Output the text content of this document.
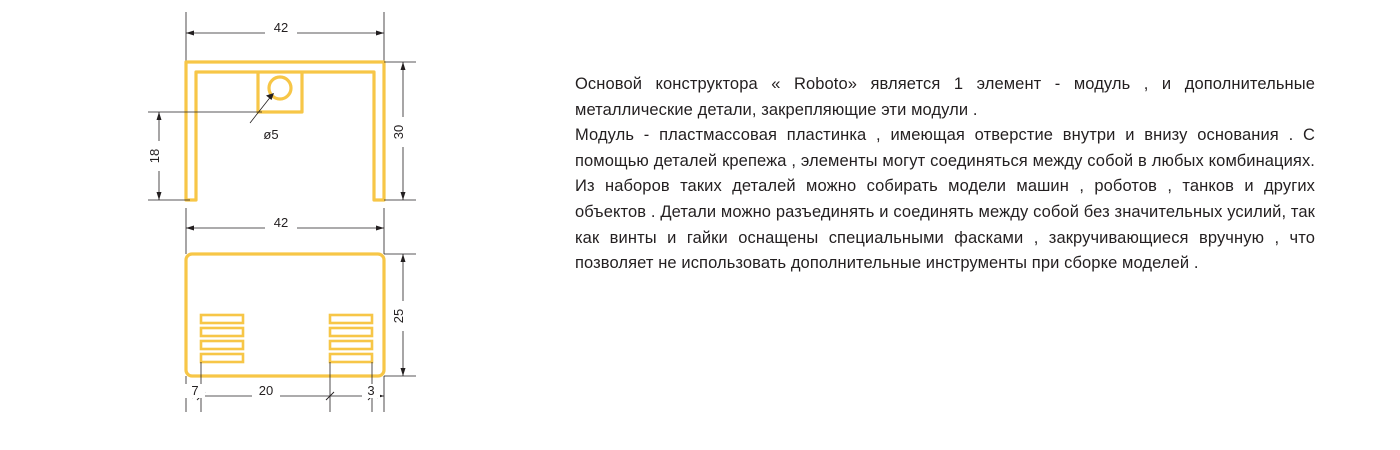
42
ø5	30
18
42
25
7	20	3

Основой конструктора « Roboto» является 1 элемент - модуль , и дополнительные металлические детали, закрепляющие эти модули .

Модуль - пластмассовая пластинка , имеющая отверстие внутри и внизу основания . С помощью деталей крепежа , элементы могут соединяться между собой в любых комбинациях. Из наборов таких деталей можно собирать модели машин , роботов , танков и других объектов . Детали можно разъединять и соединять между собой без значительных усилий, так как винты и гайки оснащены специальными фасками , закручивающиеся вручную , что позволяет не использовать дополнительные инструменты при сборке моделей .
